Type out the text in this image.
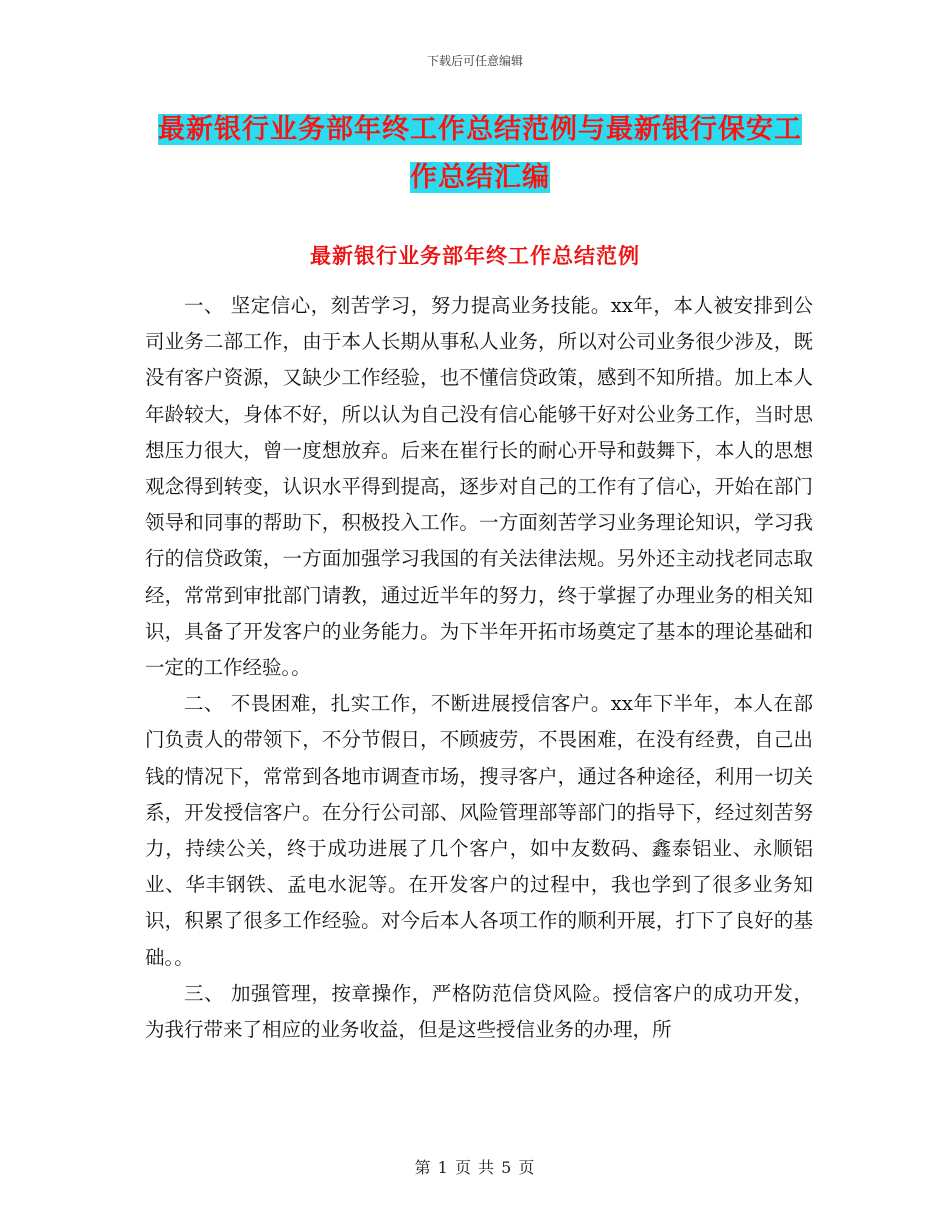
下载后可任意编辑
最新银行业务部年终工作总结范例与最新银行保安工
作总结汇编
最新银行业务部年终工作总结范例

一、 坚定信心，刻苦学习，努力提高业务技能。xx年，本人被安排到公司业务二部工作，由于本人长期从事私人业务，所以对公司业务很少涉及，既没有客户资源，又缺少工作经验，也不懂信贷政策，感到不知所措。加上本人年龄较大，身体不好，所以认为自己没有信心能够干好对公业务工作，当时思想压力很大，曾一度想放弃。后来在崔行长的耐心开导和鼓舞下，本人的思想观念得到转变，认识水平得到提高，逐步对自己的工作有了信心，开始在部门领导和同事的帮助下，积极投入工作。一方面刻苦学习业务理论知识，学习我行的信贷政策，一方面加强学习我国的有关法律法规。另外还主动找老同志取经，常常到审批部门请教，通过近半年的努力，终于掌握了办理业务的相关知识，具备了开发客户的业务能力。为下半年开拓市场奠定了基本的理论基础和一定的工作经验。。

二、 不畏困难，扎实工作，不断进展授信客户。xx年下半年，本人在部门负责人的带领下，不分节假日，不顾疲劳，不畏困难，在没有经费，自己出钱的情况下，常常到各地市调查市场，搜寻客户，通过各种途径，利用一切关系，开发授信客户。在分行公司部、风险管理部等部门的指导下，经过刻苦努力，持续公关，终于成功进展了几个客户，如中友数码、鑫泰铝业、永顺铝业、华丰钢铁、孟电水泥等。在开发客户的过程中，我也学到了很多业务知识，积累了很多工作经验。对今后本人各项工作的顺利开展，打下了良好的基础。。

三、 加强管理，按章操作，严格防范信贷风险。授信客户的成功开发，为我行带来了相应的业务收益，但是这些授信业务的办理，所

第 1 页 共 5 页
